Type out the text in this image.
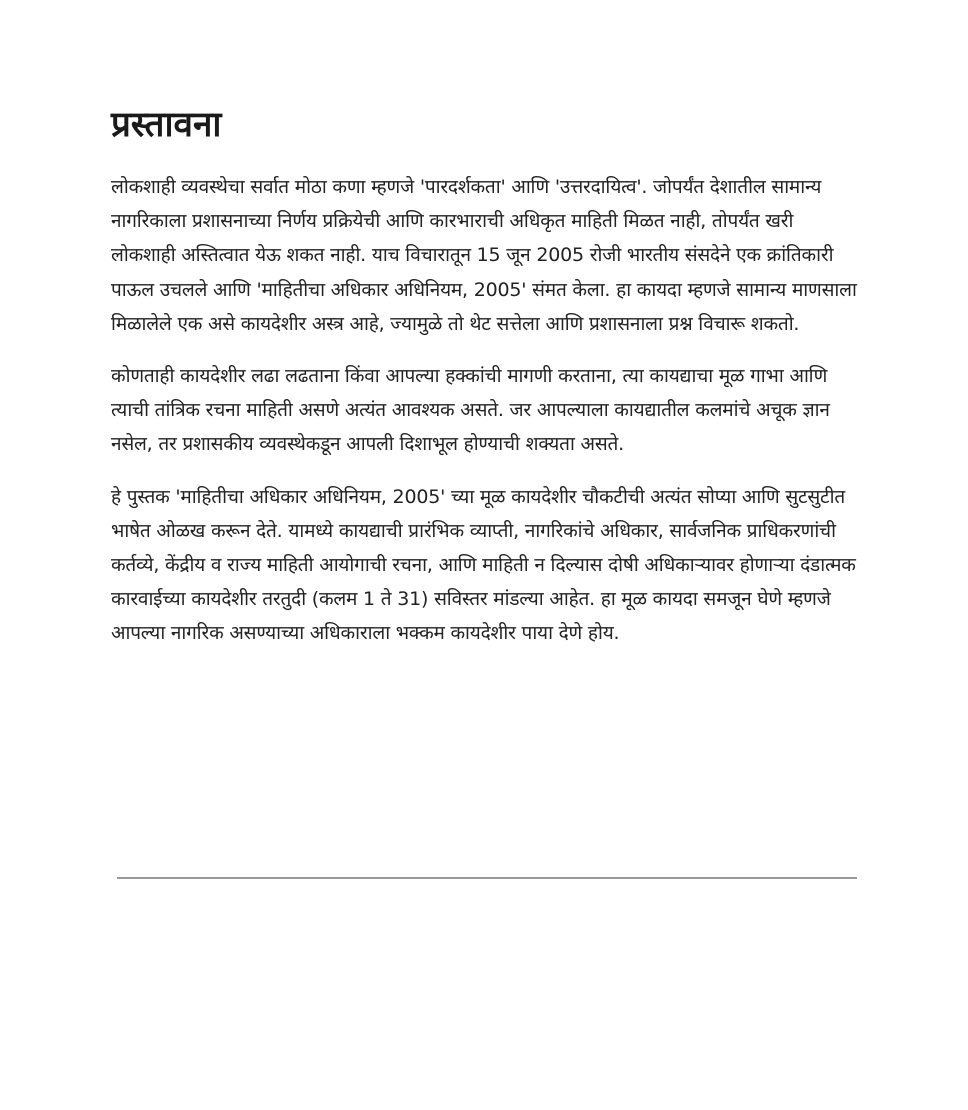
प्रस्तावना

लोकशाही व्यवस्थेचा सर्वात मोठा कणा म्हणजे 'पारदर्शकता' आणि 'उत्तरदायित्व'. जोपर्यंत देशातील सामान्य नागरिकाला प्रशासनाच्या निर्णय प्रक्रियेची आणि कारभाराची अधिकृत माहिती मिळत नाही, तोपर्यंत खरी लोकशाही अस्तित्वात येऊ शकत नाही. याच विचारातून 15 जून 2005 रोजी भारतीय संसदेने एक क्रांतिकारी पाऊल उचलले आणि 'माहितीचा अधिकार अधिनियम, 2005' संमत केला. हा कायदा म्हणजे सामान्य माणसाला मिळालेले एक असे कायदेशीर अस्त्र आहे, ज्यामुळे तो थेट सत्तेला आणि प्रशासनाला प्रश्न विचारू शकतो.

कोणताही कायदेशीर लढा लढताना किंवा आपल्या हक्कांची मागणी करताना, त्या कायद्याचा मूळ गाभा आणि त्याची तांत्रिक रचना माहिती असणे अत्यंत आवश्यक असते. जर आपल्याला कायद्यातील कलमांचे अचूक ज्ञान नसेल, तर प्रशासकीय व्यवस्थेकडून आपली दिशाभूल होण्याची शक्यता असते.

हे पुस्तक 'माहितीचा अधिकार अधिनियम, 2005' च्या मूळ कायदेशीर चौकटीची अत्यंत सोप्या आणि सुटसुटीत भाषेत ओळख करून देते. यामध्ये कायद्याची प्रारंभिक व्याप्ती, नागरिकांचे अधिकार, सार्वजनिक प्राधिकरणांची कर्तव्ये, केंद्रीय व राज्य माहिती आयोगाची रचना, आणि माहिती न दिल्यास दोषी अधिकाऱ्यावर होणाऱ्या दंडात्मक कारवाईच्या कायदेशीर तरतुदी (कलम 1 ते 31) सविस्तर मांडल्या आहेत. हा मूळ कायदा समजून घेणे म्हणजे आपल्या नागरिक असण्याच्या अधिकाराला भक्कम कायदेशीर पाया देणे होय.
